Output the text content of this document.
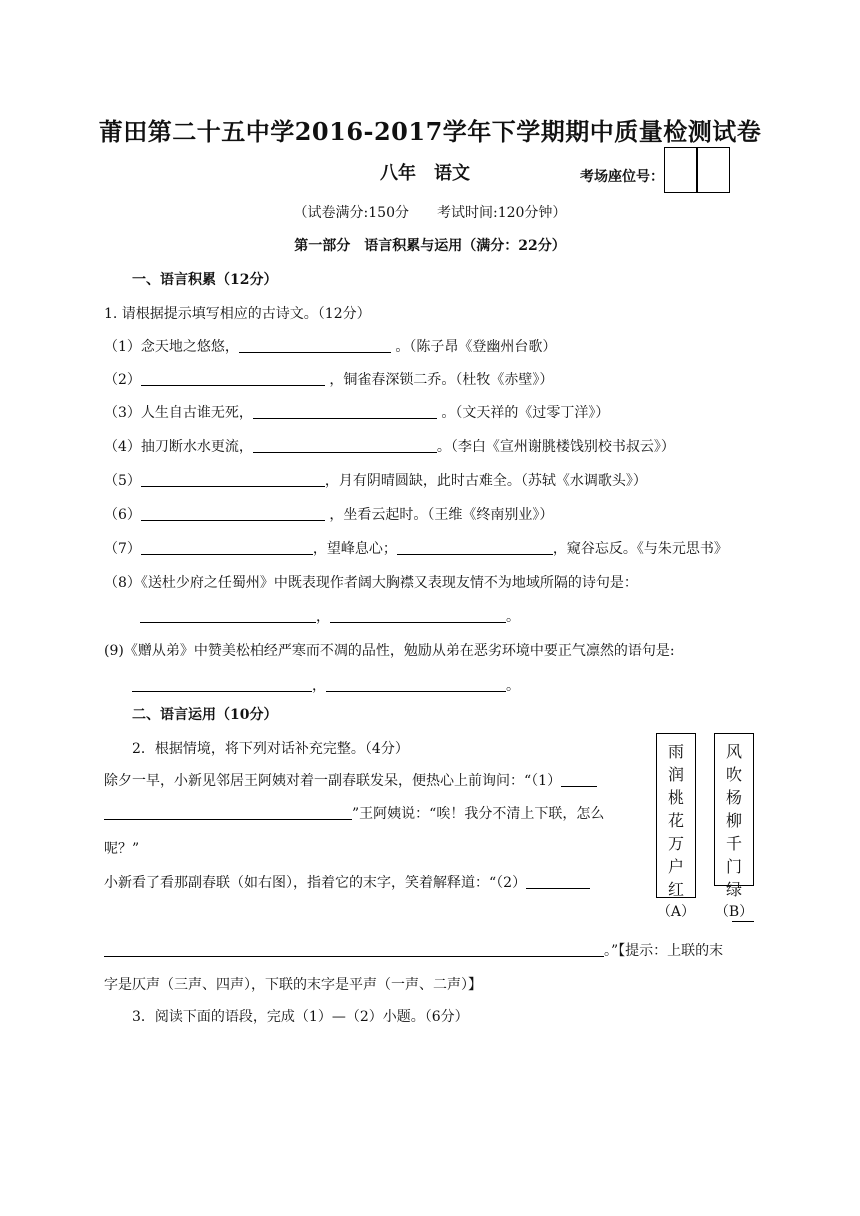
莆田第二十五中学2016-2017学年下学期期中质量检测试卷
八年　语文	考场座位号：
（试卷满分:150分　　考试时间:120分钟）
第一部分　语言积累与运用（满分：22分）
一、语言积累（12分）
1. 请根据提示填写相应的古诗文。（12分）
（1）念天地之悠悠，	。（陈子昂《登幽州台歌）
（2）	，铜雀春深锁二乔。（杜牧《赤壁》）
（3）人生自古谁无死，	。（文天祥的《过零丁洋》）
（4）抽刀断水水更流，	。（李白《宣州谢朓楼饯别校书叔云》）
（5）	，月有阴晴圆缺，此时古难全。（苏轼《水调歌头》）
（6）	，坐看云起时。（王维《终南别业》）
（7）	，望峰息心；	，窥谷忘反。《与朱元思书》
（8）《送杜少府之任蜀州》中既表现作者阔大胸襟又表现友情不为地域所隔的诗句是：
，	。
(9)《赠从弟》中赞美松柏经严寒而不凋的品性，勉励从弟在恶劣环境中要正气凛然的语句是:
，	。
二、语言运用（10分）
2．根据情境，将下列对话补充完整。（4分）
除夕一早，小新见邻居王阿姨对着一副春联发呆，便热心上前询问：“（1）
”王阿姨说：“唉！我分不清上下联，怎么
呢？”
小新看了看那副春联（如右图），指着它的末字，笑着解释道：“（2）
。”【提示：上联的末
字是仄声（三声、四声），下联的末字是平声（一声、二声）】
3．阅读下面的语段，完成（1）—（2）小题。（6分）
雨
润
桃
花
万
户
红
（A）
风
吹
杨
柳
千
门
绿
（B）
